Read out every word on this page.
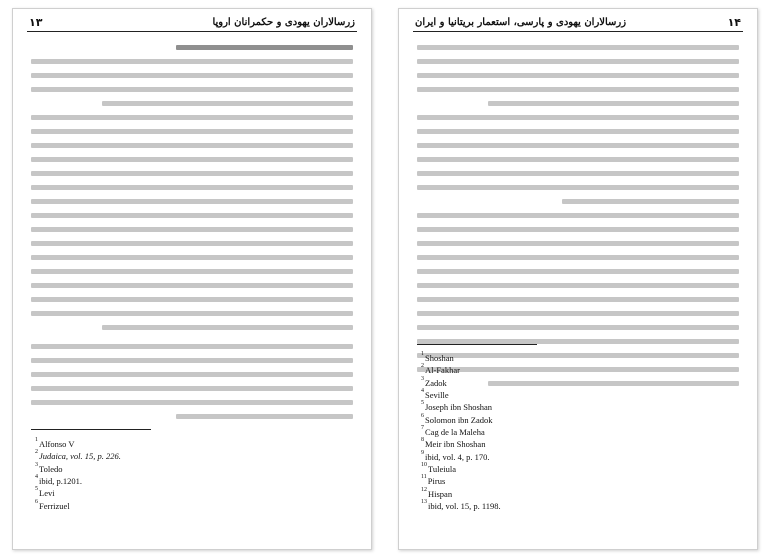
۱۳	زرسالاران یهودی و حکمرانان اروپا
$^1$Alfonso V
$^2$Judaica, vol. 15, p. 226.
$^3$Toledo
$^4$ibid, p.1201.
$^5$Levi
$^6$Ferrizuel
۱۴
زرسالاران یهودی و پارسی، استعمار بریتانیا و ایران
$^1$Shoshan
$^2$Al-Fakhar
$^3$Zadok
$^4$Seville
$^5$Joseph ibn Shoshan
$^6$Solomon ibn Zadok
$^7$Cag de la Maleha
$^8$Meir ibn Shoshan
$^9$ibid, vol. 4, p. 170.
$^{10}$Tuleiula
$^{11}$Pirus
$^{12}$Hispan
$^{13}$ibid, vol. 15, p. 1198.
